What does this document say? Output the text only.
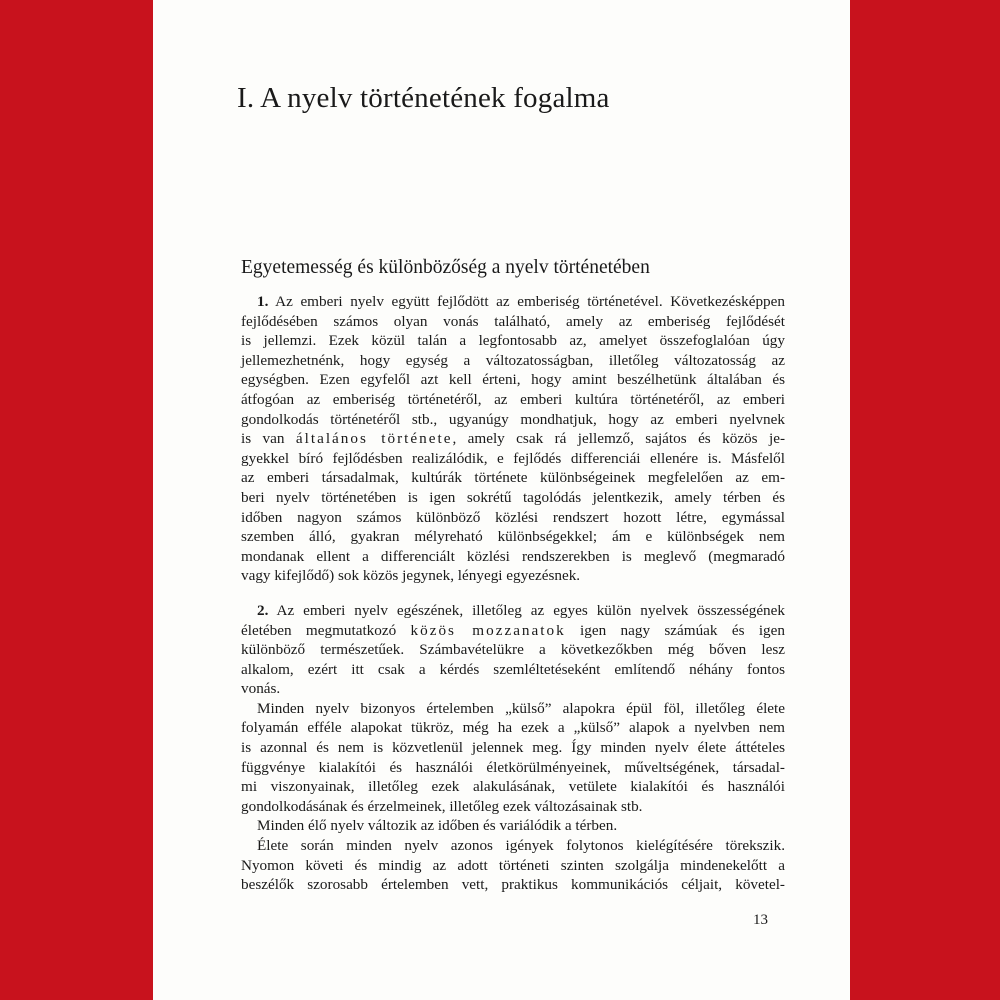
I. A nyelv történetének fogalma
Egyetemesség és különbözőség a nyelv történetében
1. Az emberi nyelv együtt fejlődött az emberiség történetével. Következésképpen
fejlődésében számos olyan vonás található, amely az emberiség fejlődését
is jellemzi. Ezek közül talán a legfontosabb az, amelyet összefoglalóan úgy
jellemezhetnénk, hogy egység a változatosságban, illetőleg változatosság az
egységben. Ezen egyfelől azt kell érteni, hogy amint beszélhetünk általában és
átfogóan az emberiség történetéről, az emberi kultúra történetéről, az emberi
gondolkodás történetéről stb., ugyanúgy mondhatjuk, hogy az emberi nyelvnek
is van általános története, amely csak rá jellemző, sajátos és közös je-
gyekkel bíró fejlődésben realizálódik, e fejlődés differenciái ellenére is. Másfelől
az emberi társadalmak, kultúrák története különbségeinek megfelelően az em-
beri nyelv történetében is igen sokrétű tagolódás jelentkezik, amely térben és
időben nagyon számos különböző közlési rendszert hozott létre, egymással
szemben álló, gyakran mélyreható különbségekkel; ám e különbségek nem
mondanak ellent a differenciált közlési rendszerekben is meglevő (megmaradó
vagy kifejlődő) sok közös jegynek, lényegi egyezésnek.
2. Az emberi nyelv egészének, illetőleg az egyes külön nyelvek összességének
életében megmutatkozó közös mozzanatok igen nagy számúak és igen
különböző természetűek. Számbavételükre a következőkben még bőven lesz
alkalom, ezért itt csak a kérdés szemléltetéseként említendő néhány fontos
vonás.
Minden nyelv bizonyos értelemben „külső” alapokra épül föl, illetőleg élete
folyamán efféle alapokat tükröz, még ha ezek a „külső” alapok a nyelvben nem
is azonnal és nem is közvetlenül jelennek meg. Így minden nyelv élete áttételes
függvénye kialakítói és használói életkörülményeinek, műveltségének, társadal-
mi viszonyainak, illetőleg ezek alakulásának, vetülete kialakítói és használói
gondolkodásának és érzelmeinek, illetőleg ezek változásainak stb.
Minden élő nyelv változik az időben és variálódik a térben.
Élete során minden nyelv azonos igények folytonos kielégítésére törekszik.
Nyomon követi és mindig az adott történeti szinten szolgálja mindenekelőtt a
beszélők szorosabb értelemben vett, praktikus kommunikációs céljait, követel-
13
